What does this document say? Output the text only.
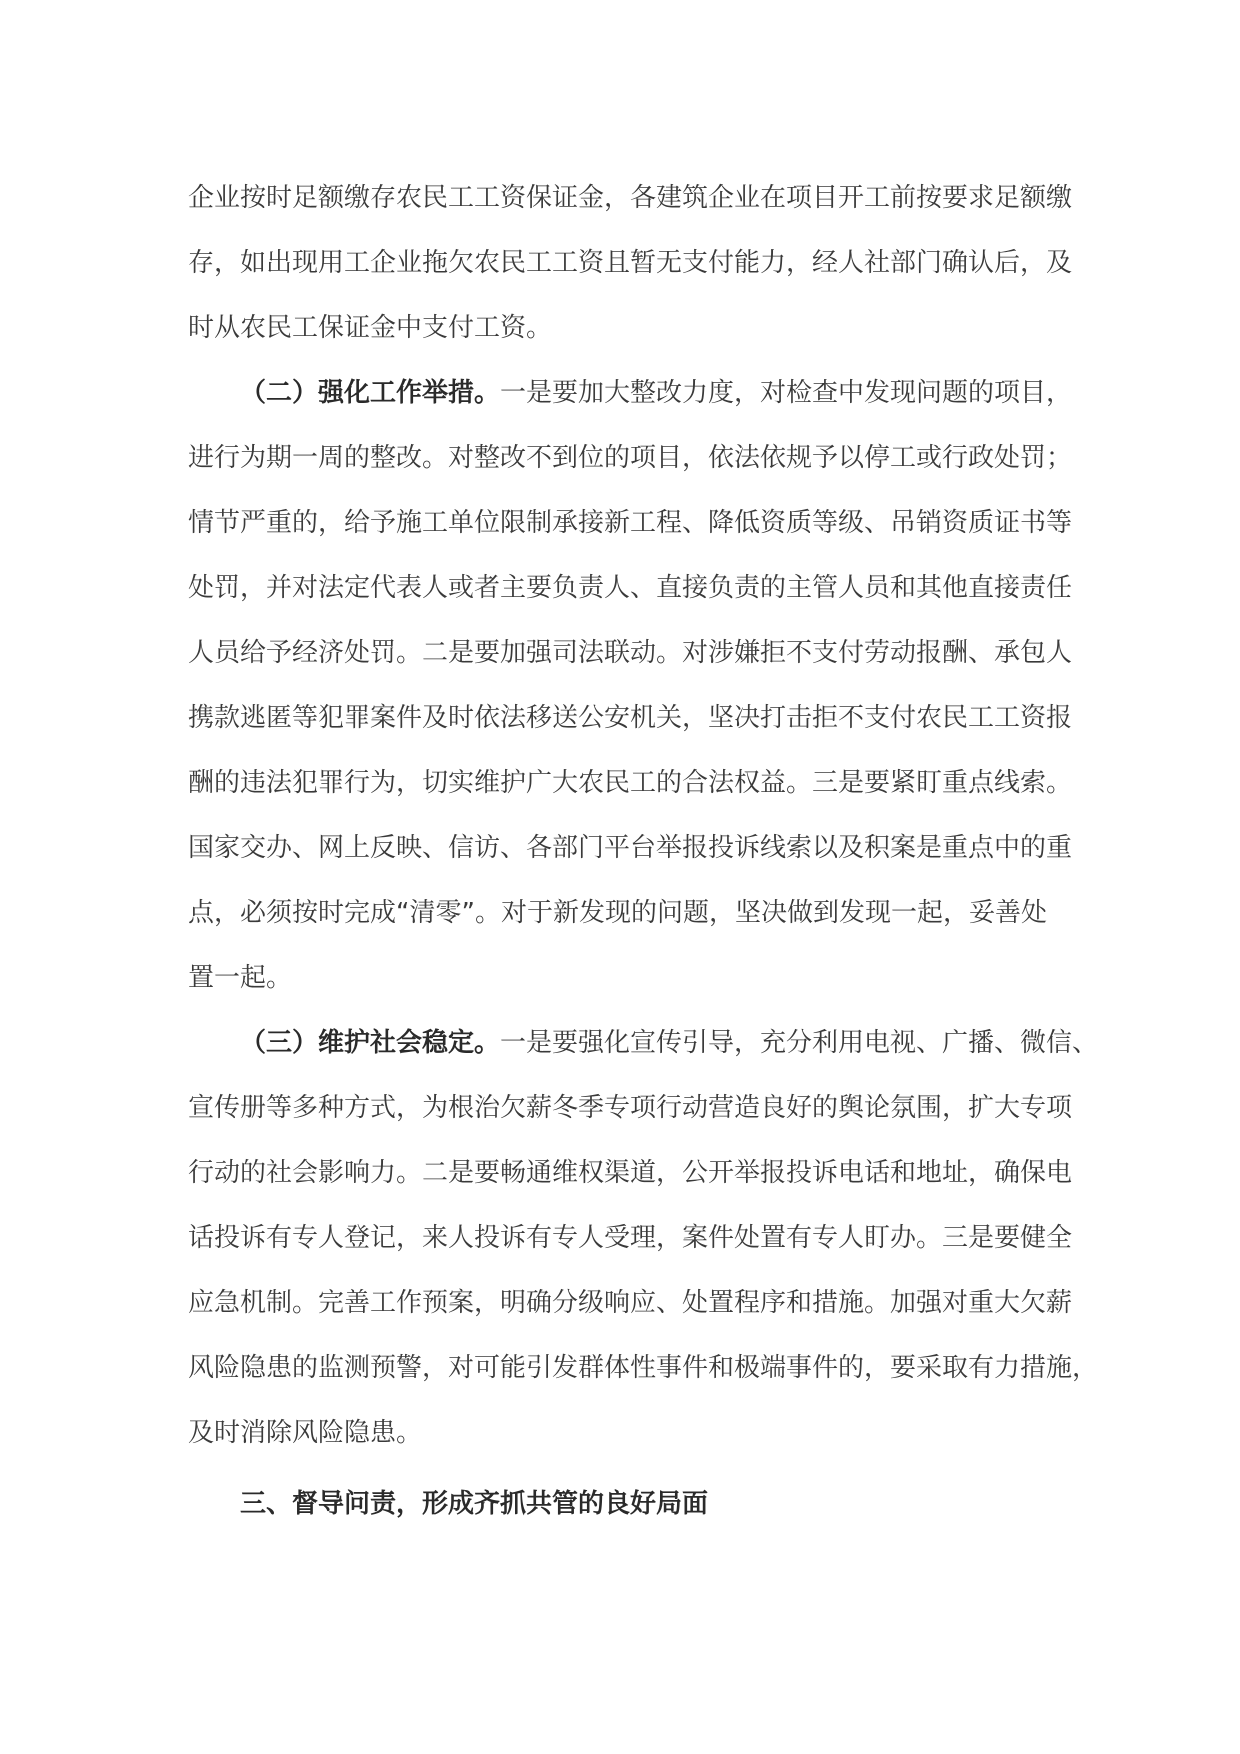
企业按时足额缴存农民工工资保证金，各建筑企业在项目开工前按要求足额缴
存，如出现用工企业拖欠农民工工资且暂无支付能力，经人社部门确认后，及
时从农民工保证金中支付工资。
（二）强化工作举措。一是要加大整改力度，对检查中发现问题的项目，
进行为期一周的整改。对整改不到位的项目，依法依规予以停工或行政处罚；
情节严重的，给予施工单位限制承接新工程、降低资质等级、吊销资质证书等
处罚，并对法定代表人或者主要负责人、直接负责的主管人员和其他直接责任
人员给予经济处罚。二是要加强司法联动。对涉嫌拒不支付劳动报酬、承包人
携款逃匿等犯罪案件及时依法移送公安机关，坚决打击拒不支付农民工工资报
酬的违法犯罪行为，切实维护广大农民工的合法权益。三是要紧盯重点线索。
国家交办、网上反映、信访、各部门平台举报投诉线索以及积案是重点中的重
点，必须按时完成“清零”。对于新发现的问题，坚决做到发现一起，妥善处
置一起。
（三）维护社会稳定。一是要强化宣传引导，充分利用电视、广播、微信、
宣传册等多种方式，为根治欠薪冬季专项行动营造良好的舆论氛围，扩大专项
行动的社会影响力。二是要畅通维权渠道，公开举报投诉电话和地址，确保电
话投诉有专人登记，来人投诉有专人受理，案件处置有专人盯办。三是要健全
应急机制。完善工作预案，明确分级响应、处置程序和措施。加强对重大欠薪
风险隐患的监测预警，对可能引发群体性事件和极端事件的，要采取有力措施，
及时消除风险隐患。
三、督导问责，形成齐抓共管的良好局面
